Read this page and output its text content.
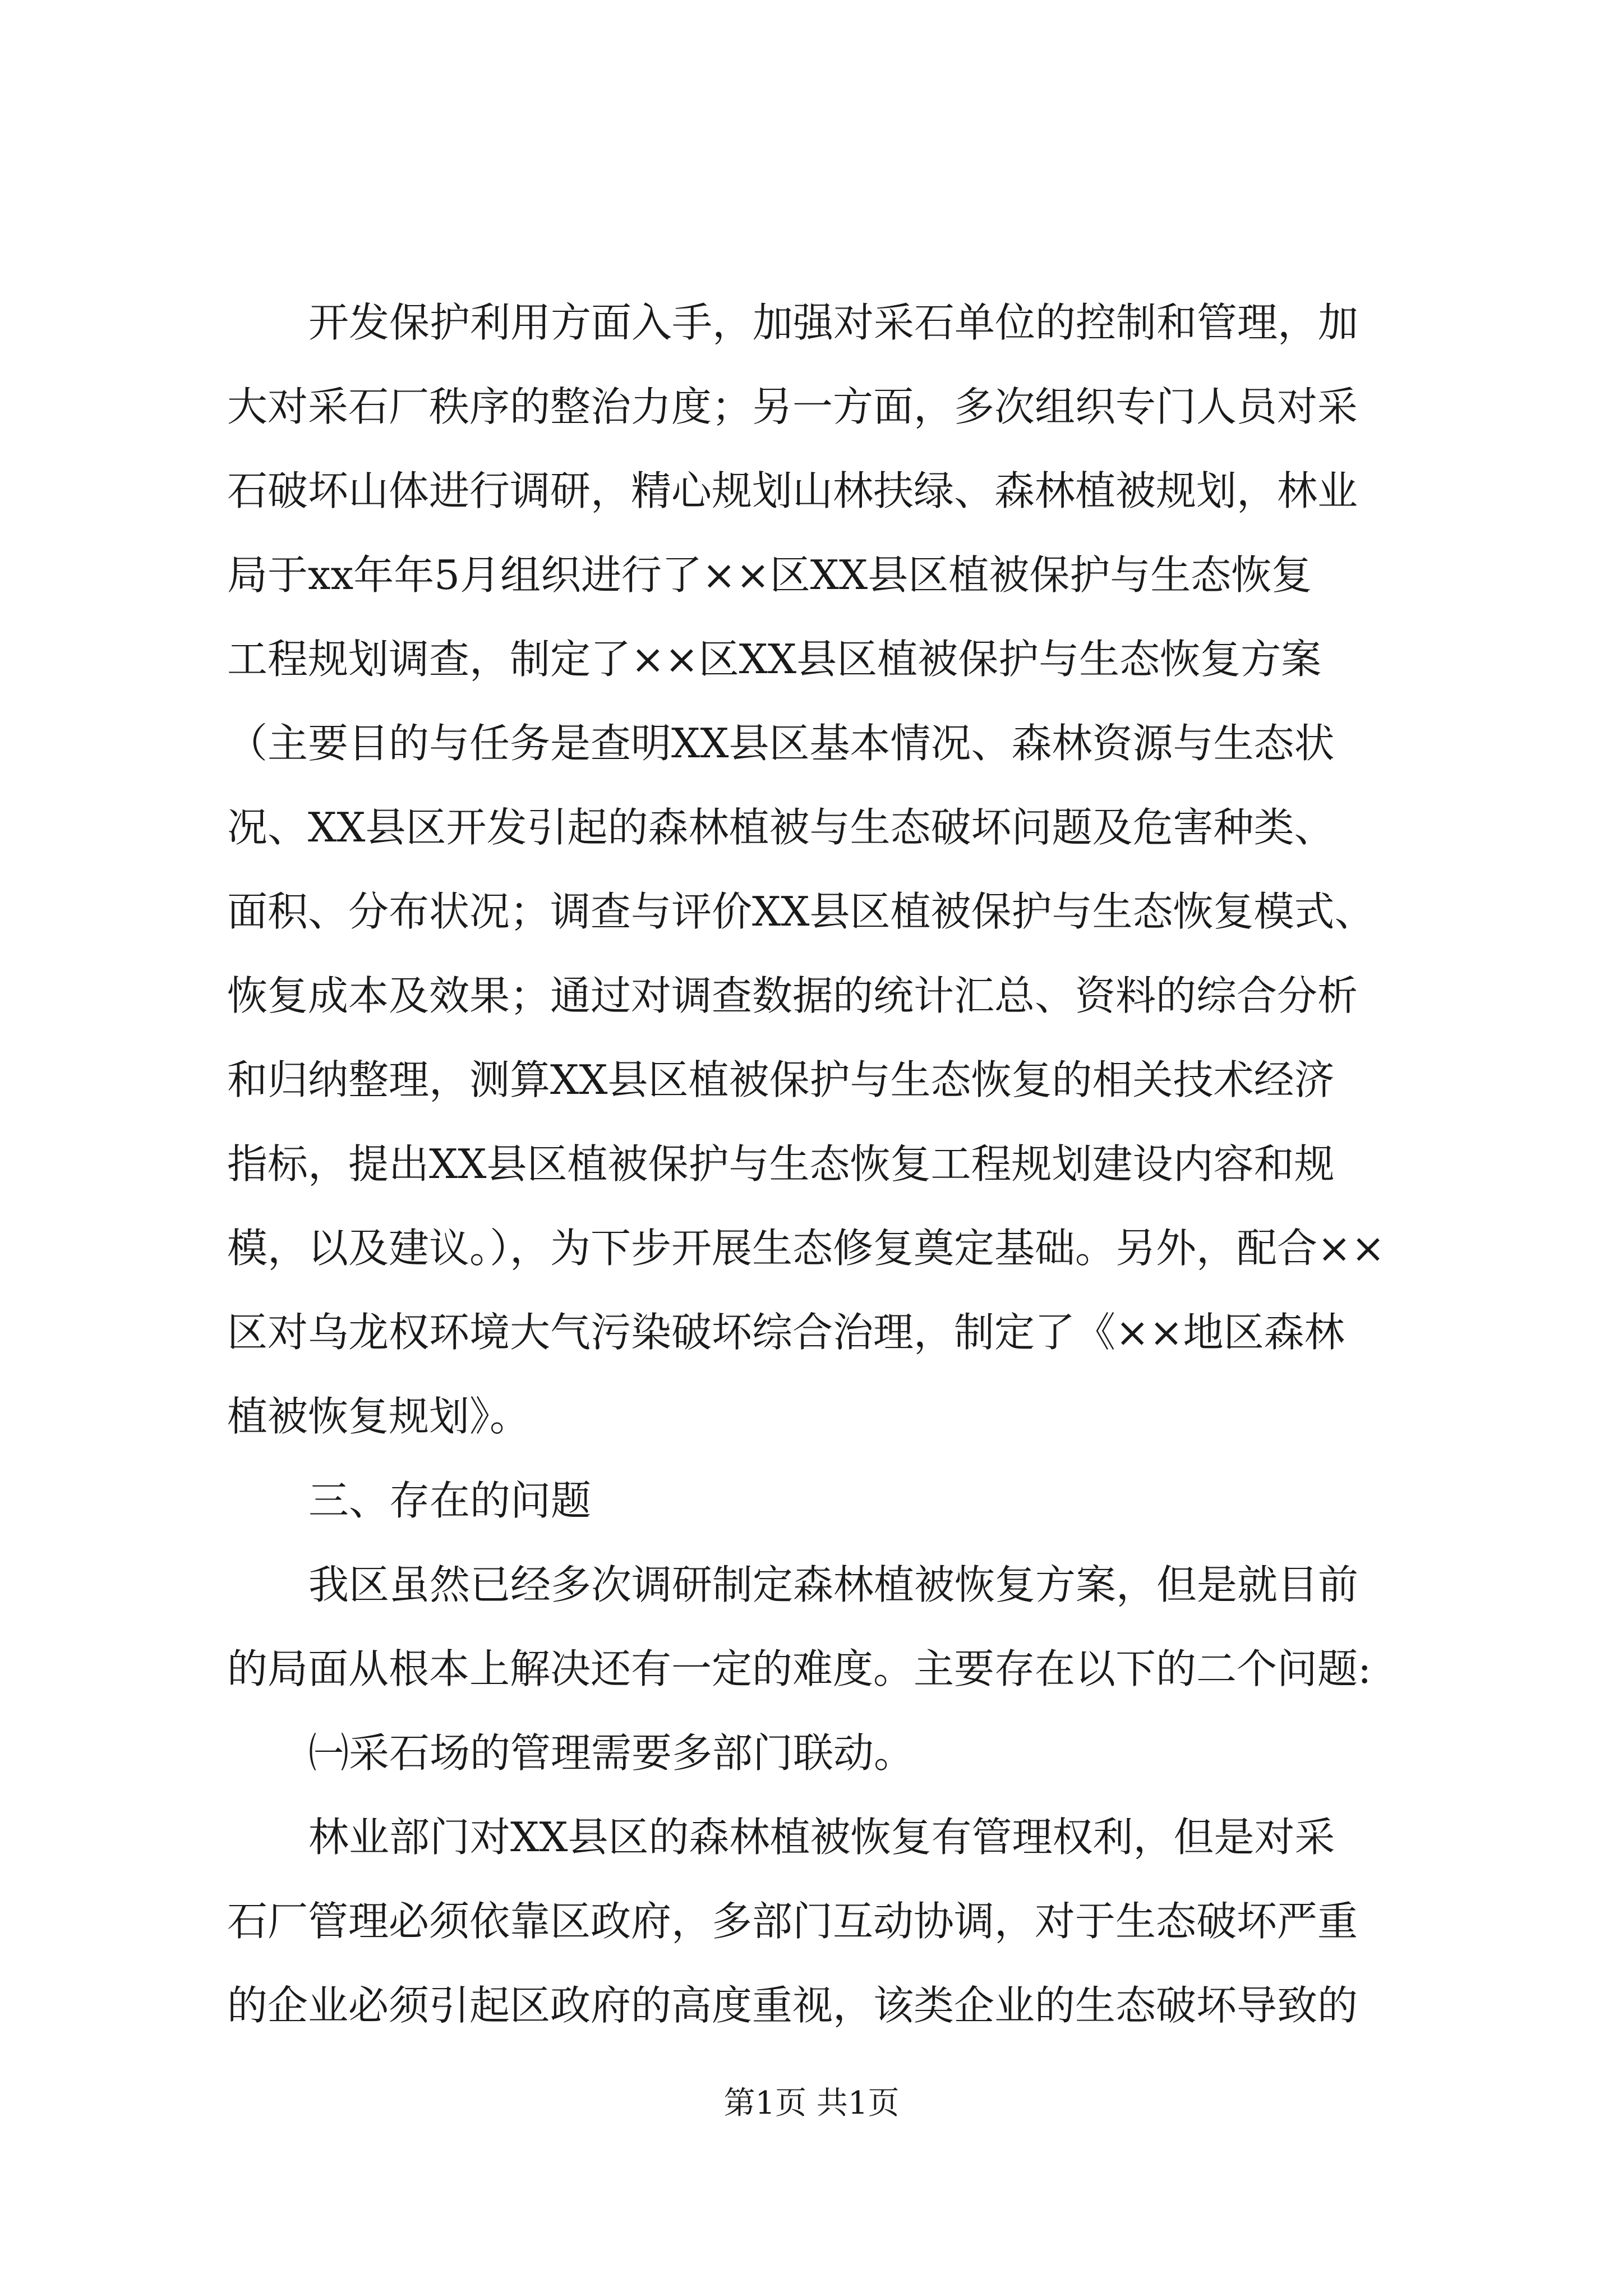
开发保护利用方面入手，加强对采石单位的控制和管理，加
大对采石厂秩序的整治力度；另一方面，多次组织专门人员对采
石破坏山体进行调研，精心规划山林扶绿、森林植被规划，林业
局于xx年年5月组织进行了××区XX县区植被保护与生态恢复
工程规划调查，制定了××区XX县区植被保护与生态恢复方案
（主要目的与任务是查明XX县区基本情况、森林资源与生态状
况、XX县区开发引起的森林植被与生态破坏问题及危害种类、
面积、分布状况；调查与评价XX县区植被保护与生态恢复模式、
恢复成本及效果；通过对调查数据的统计汇总、资料的综合分析
和归纳整理，测算XX县区植被保护与生态恢复的相关技术经济
指标，提出XX县区植被保护与生态恢复工程规划建设内容和规
模，以及建议。），为下步开展生态修复奠定基础。另外，配合××
区对乌龙权环境大气污染破坏综合治理，制定了《××地区森林
植被恢复规划》。
三、存在的问题
我区虽然已经多次调研制定森林植被恢复方案，但是就目前
的局面从根本上解决还有一定的难度。主要存在以下的二个问题:
㈠采石场的管理需要多部门联动。
林业部门对XX县区的森林植被恢复有管理权利，但是对采
石厂管理必须依靠区政府，多部门互动协调，对于生态破坏严重
的企业必须引起区政府的高度重视，该类企业的生态破坏导致的
第1页 共1页
